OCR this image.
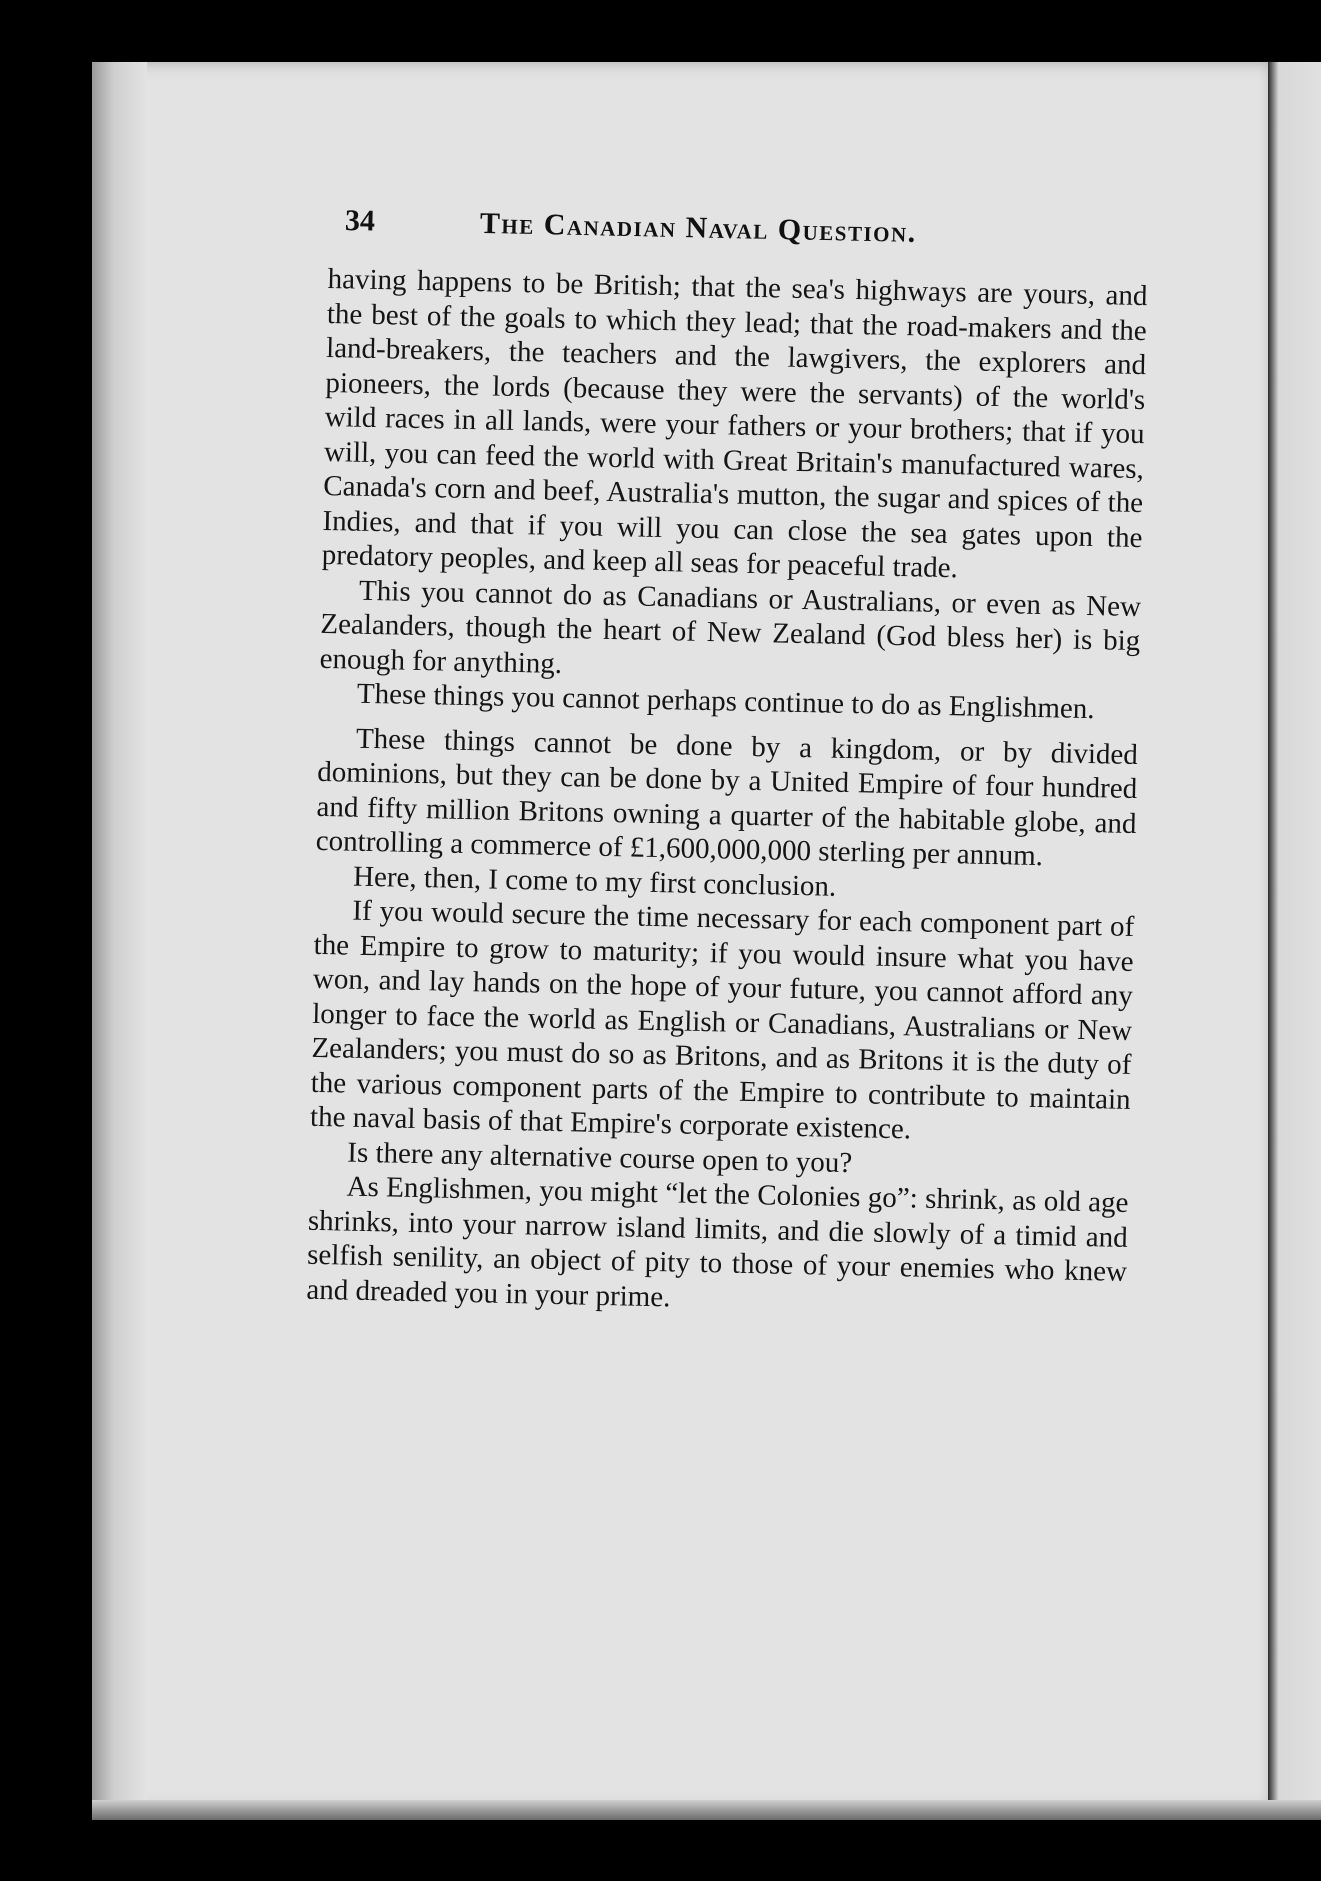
34	The Canadian Naval Question.

having happens to be British; that the sea's highways are yours, and the best of the goals to which they lead; that the road-makers and the land-breakers, the teachers and the lawgivers, the explorers and pioneers, the lords (because they were the servants) of the world's wild races in all lands, were your fathers or your brothers; that if you will, you can feed the world with Great Britain's manufactured wares, Canada's corn and beef, Australia's mutton, the sugar and spices of the Indies, and that if you will you can close the sea gates upon the predatory peoples, and keep all seas for peaceful trade.

This you cannot do as Canadians or Australians, or even as New Zealanders, though the heart of New Zealand (God bless her) is big enough for anything.

These things you cannot perhaps continue to do as Englishmen.

These things cannot be done by a kingdom, or by divided dominions, but they can be done by a United Empire of four hundred and fifty million Britons owning a quarter of the habitable globe, and controlling a commerce of £1,600,000,000 sterling per annum.

Here, then, I come to my first conclusion.

If you would secure the time necessary for each component part of the Empire to grow to maturity; if you would insure what you have won, and lay hands on the hope of your future, you cannot afford any longer to face the world as English or Canadians, Australians or New Zealanders; you must do so as Britons, and as Britons it is the duty of the various component parts of the Empire to contribute to maintain the naval basis of that Empire's corporate existence.

Is there any alternative course open to you?

As Englishmen, you might “let the Colonies go”: shrink, as old age shrinks, into your narrow island limits, and die slowly of a timid and selfish senility, an object of pity to those of your enemies who knew and dreaded you in your prime.
